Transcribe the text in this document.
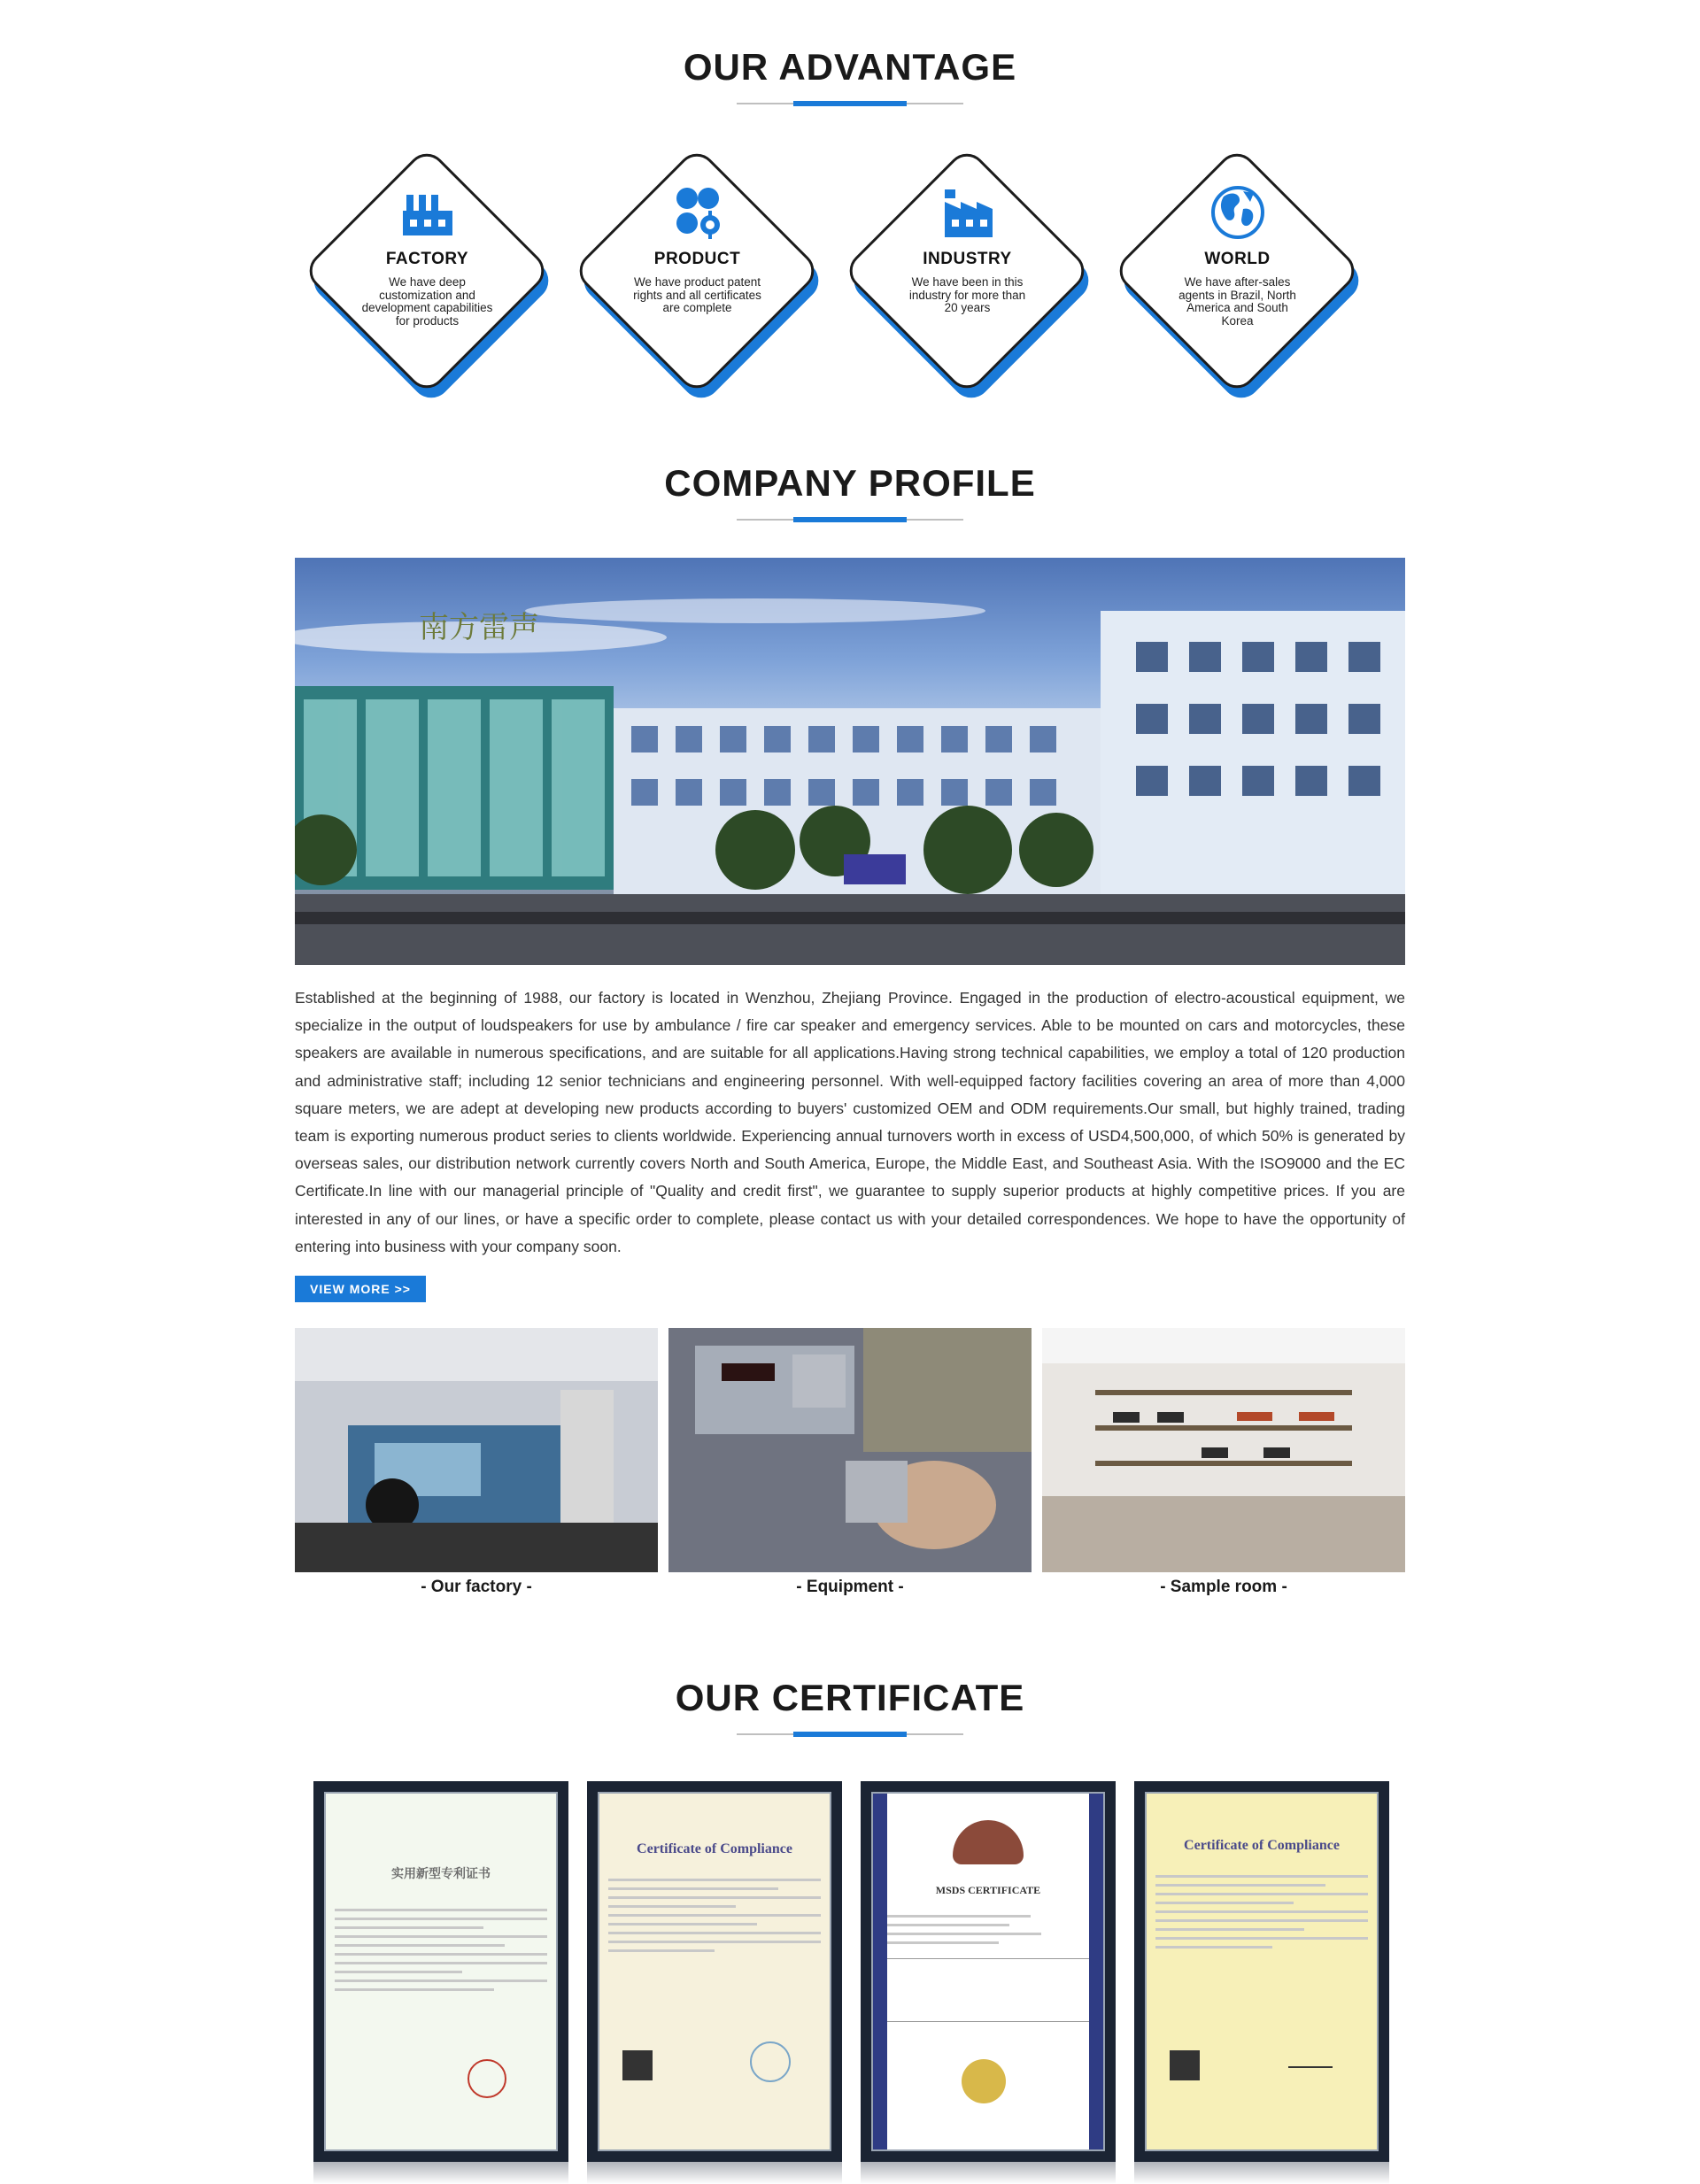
OUR ADVANTAGE
FACTORY
We have deep customization and development capabilities for products
PRODUCT
We have product patent rights and all certificates are complete
INDUSTRY
We have been in this industry for more than 20 years
WORLD
We have after-sales agents in Brazil, North America and South Korea
COMPANY PROFILE
南方雷声

Established at the beginning of 1988, our factory is located in Wenzhou, Zhejiang Province. Engaged in the production of electro-acoustical equipment, we specialize in the output of loudspeakers for use by ambulance / fire car speaker and emergency services. Able to be mounted on cars and motorcycles, these speakers are available in numerous specifications, and are suitable for all applications.Having strong technical capabilities, we employ a total of 120 production and administrative staff; including 12 senior technicians and engineering personnel. With well-equipped factory facilities covering an area of more than 4,000 square meters, we are adept at developing new products according to buyers' customized OEM and ODM requirements.Our small, but highly trained, trading team is exporting numerous product series to clients worldwide. Experiencing annual turnovers worth in excess of USD4,500,000, of which 50% is generated by overseas sales, our distribution network currently covers North and South America, Europe, the Middle East, and Southeast Asia. With the ISO9000 and the EC Certificate.In line with our managerial principle of "Quality and credit first", we guarantee to supply superior products at highly competitive prices. If you are interested in any of our lines, or have a specific order to complete, please contact us with your detailed correspondences. We hope to have the opportunity of entering into business with your company soon.

VIEW MORE >>
- Our factory -	- Equipment -	- Sample room -
OUR CERTIFICATE
实用新型专利证书
Certificate of Compliance
MSDS CERTIFICATE
Certificate of Compliance
